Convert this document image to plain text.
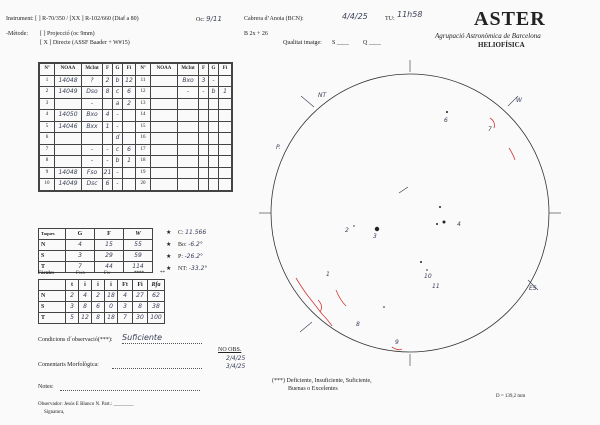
Instrument: [ ] R-70/350 / [XX ] R-102/660 (Diaf a 80)	Oc: 9/11	Cabrera d’Anoia (BCN):	4/4/25	TU: 11h58
-Mètode: [ ] Projecció (oc 9mm)	B 2x + 26
[ X ] Directe (ASSF Baader + W#15)	Qualitat imatge: S ____ Q ____
ASTER
Agrupació Astronòmica de Barcelona
HELIOFÍSICA
Nº	NOAA	McInt	F	G	Fi	Nº	NOAA	McInt	F	G	Fi
1	14048	?	2	b	12	11		Bxo	3	-	
2	14049	Dso	8	c	6	12		-	-	b	1
3		-		a	2	13					
4	14050	Bxo	4	-		14					
5	14046	Bxx	1	-		15					
6				d		16					
7		-	-	c	6	17					
8		-	-	b	1	18					
9	14048	Fso	21	-		19					
10	14049	Dsc	6	-		20					
Taques	G	F	W
N	4	15	55
S	3	29	59
T	7	44	114
★ C: 11.566
★ Bo: -6.2°
★ P: -26.2°
★ NT: -33.2°
Fàcules	Fwo	Fw	****	**
	t	i	i	i	Ft	Fi	Rfa
N	2	4	2	18	4	27	62
S	3	8	6	0	3	8	38
T	5	12	8	18	7	30	100
Condicions d´observació(***): Suficiente
Comentaris Morfològica:
Notes:
Observador: Jesús E Blanco N. Part.: ________
Signatura,
NO OBS.
2/4/25
3/4/25
(***) Deficiente, Insuficiente, Suficiente,
Buenas o Excelentes
D = 139,2 mm
NT
P.
ES
W
3
6
7
4
1
8
9
10
11
2
